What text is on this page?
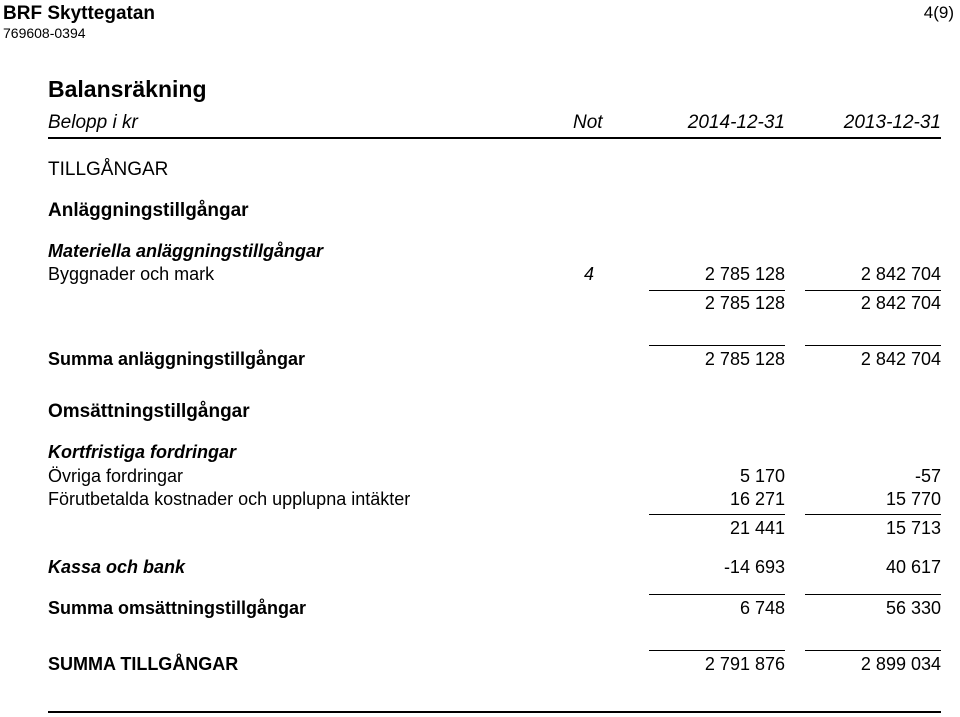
BRF Skyttegatan
769608-0394
4(9)
Balansräkning
Belopp i kr	Not	2014-12-31	2013-12-31
TILLGÅNGAR
Anläggningstillgångar
Materiella anläggningstillgångar
Byggnader och mark	4	2 785 128	2 842 704
2 785 128	2 842 704
Summa anläggningstillgångar	2 785 128	2 842 704
Omsättningstillgångar
Kortfristiga fordringar
Övriga fordringar	5 170	-57
Förutbetalda kostnader och upplupna intäkter	16 271	15 770
21 441	15 713
Kassa och bank	-14 693	40 617
Summa omsättningstillgångar	6 748	56 330
SUMMA TILLGÅNGAR	2 791 876	2 899 034
